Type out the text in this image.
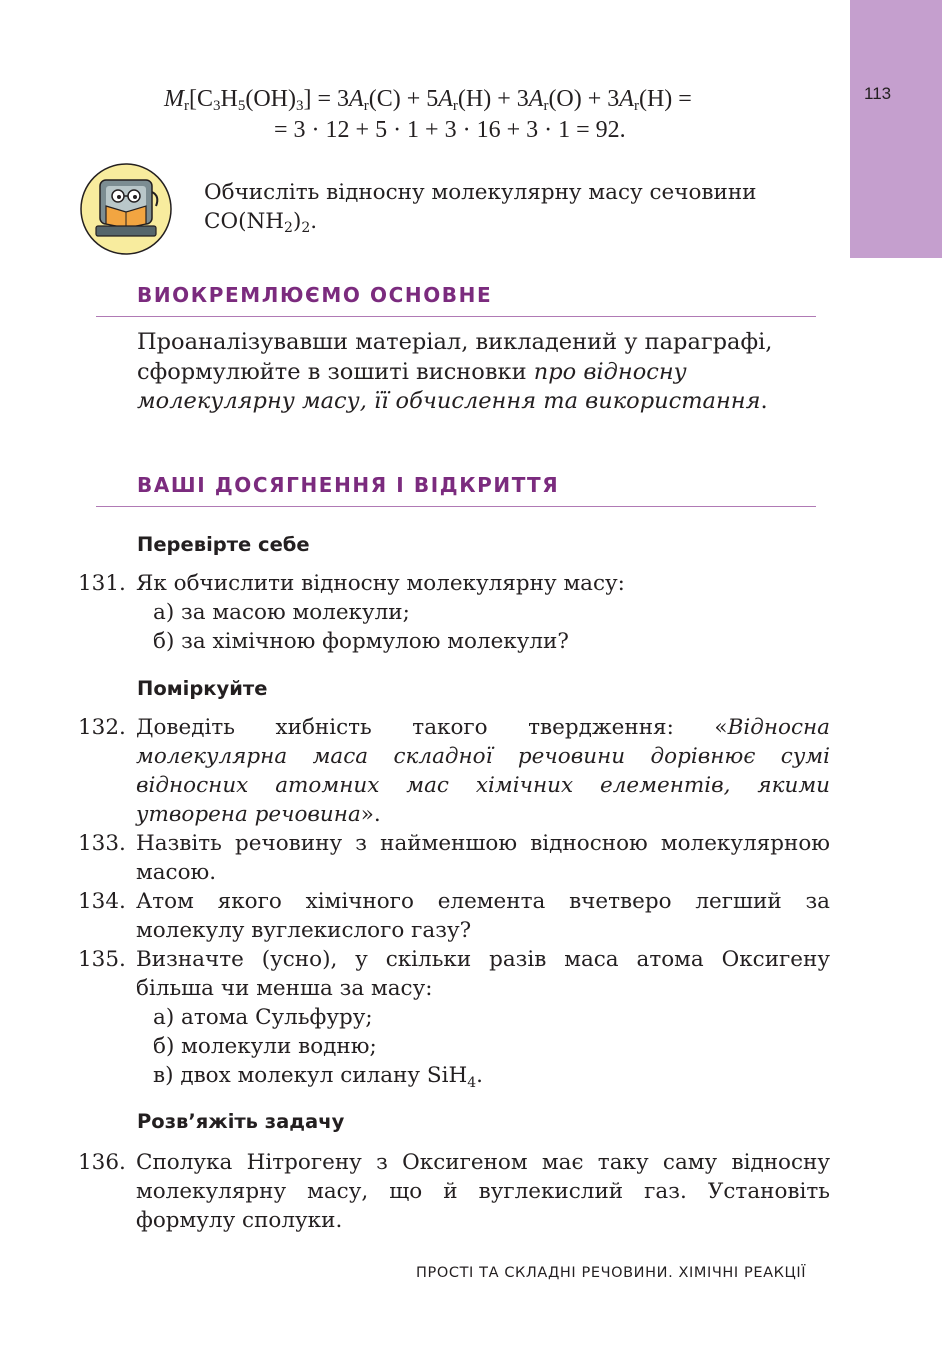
113
$M_r[C_3H_5(OH)_3] = 3A_r(C) + 5A_r(H) + 3A_r(O) + 3A_r(H)$ =
= 3 · 12 + 5 · 1 + 3 · 16 + 3 · 1 = 92.
Обчисліть відносну молекулярну масу сечовини
$CO(NH_2)_2$.
ВИОКРЕМЛЮЄМО ОСНОВНЕ
Проаналізувавши матеріал, викладений у параграфі, сформулюйте в зошиті висновки про відносну молекулярну масу, її обчислення та використання.
ВАШІ ДОСЯГНЕННЯ І ВІДКРИТТЯ
Перевірте себе
131. Як обчислити відносну молекулярну масу:
а) за масою молекули;
б) за хімічною формулою молекули?
Поміркуйте
132. Доведіть хибність такого твердження: «Відносна молекулярна маса складної речовини дорівнює сумі відносних атомних мас хімічних елементів, якими утворена речовина».
133. Назвіть речовину з найменшою відносною молекулярною масою.
134. Атом якого хімічного елемента вчетверо легший за молекулу вуглекислого газу?
135. Визначте (усно), у скільки разів маса атома Оксигену більша чи менша за масу:
а) атома Сульфуру;
б) молекули водню;
в) двох молекул силану SiH$_4$.
Розв’яжіть задачу
136. Сполука Нітрогену з Оксигеном має таку саму відносну молекулярну масу, що й вуглекислий газ. Установіть формулу сполуки.
ПРОСТІ ТА СКЛАДНІ РЕЧОВИНИ. ХІМІЧНІ РЕАКЦІЇ
